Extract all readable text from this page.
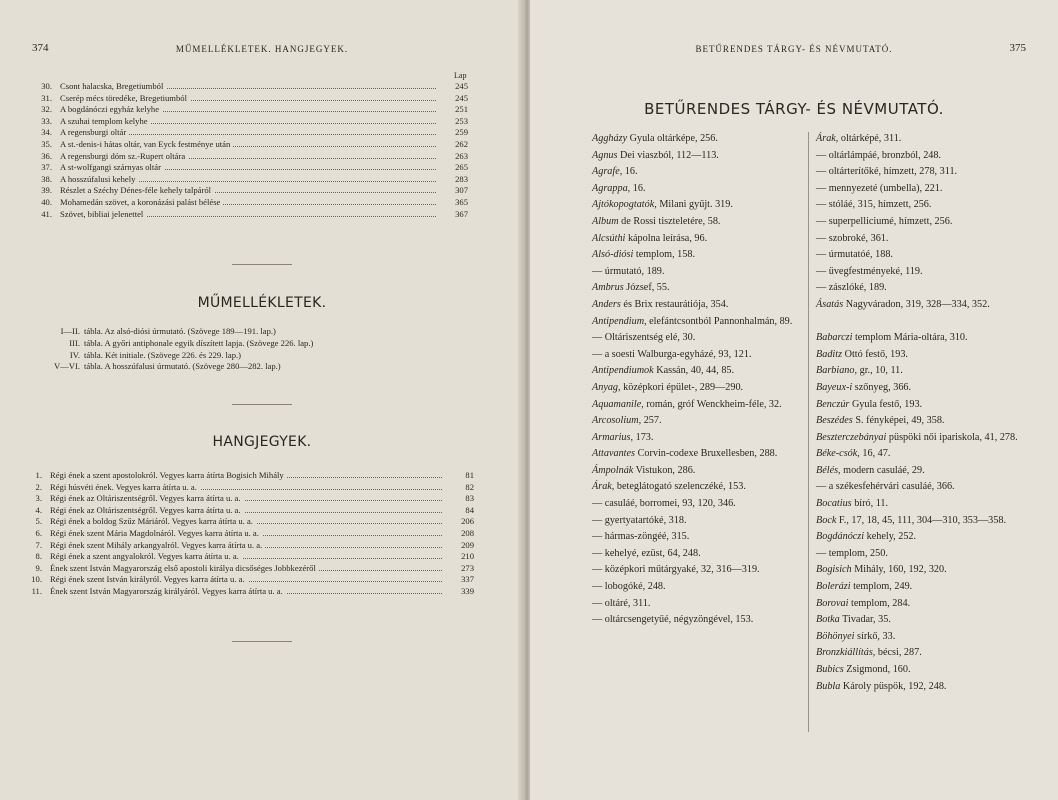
374	MŰMELLÉKLETEK. HANGJEGYEK.
Lap
30. Csont halacska, Bregetiumból	245
31. Cserép mécs töredéke, Bregetiumból	245
32. A bogdánóczi egyház kelyhe	251
33. A szuhai templom kelyhe	253
34. A regensburgi oltár	259
35. A st.-denis-i hátas oltár, van Eyck festménye után	262
36. A regensburgi dóm sz.-Rupert oltára	263
37. A st-wolfgangi szárnyas oltár	265
38. A hosszúfalusi kehely	283
39. Részlet a Széchy Dénes-féle kehely talpáról	307
40. Mohamedán szövet, a koronázási palást bélése	365
41. Szövet, bibliai jelenettel	367
MŰMELLÉKLETEK.
I—II. tábla. Az alsó-diósi úrmutató. (Szövege 189—191. lap.)
III. tábla. A győri antiphonale egyik díszített lapja. (Szövege 226. lap.)
IV. tábla. Két initiale. (Szövege 226. és 229. lap.)
V—VI. tábla. A hosszúfalusi úrmutató. (Szövege 280—282. lap.)
HANGJEGYEK.
1. Régi ének a szent apostolokról. Vegyes karra átírta Bogisich Mihály	81
2. Régi húsvéti ének. Vegyes karra átírta u. a.	82
3. Régi ének az Oltáriszentségről. Vegyes karra átírta u. a.	83
4. Régi ének az Oltáriszentségről. Vegyes karra átírta u. a.	84
5. Régi ének a boldog Szűz Máriáról. Vegyes karra átírta u. a.	206
6. Régi ének szent Mária Magdolnáról. Vegyes karra átírta u. a.	208
7. Régi ének szent Mihály arkangyalról. Vegyes karra átírta u. a.	209
8. Régi ének a szent angyalokról. Vegyes karra átírta u. a.	210
9. Ének szent István Magyarország első apostoli királya dicsőséges Jobbkezéről	273
10. Régi ének szent István királyról. Vegyes karra átírta u. a.	337
11. Ének szent István Magyarország királyáról. Vegyes karra átírta u. a.	339
BETŰRENDES TÁRGY- ÉS NÉVMUTATÓ.	375
BETŰRENDES TÁRGY- ÉS NÉVMUTATÓ.
Aggházy Gyula oltárképe, 256.
Agnus Dei viaszból, 112—113.
Agrafe, 16.
Agrappa, 16.
Ajtókopogtatók, Milani gyűjt. 319.
Album de Rossi tiszteletére, 58.
Alcsúthi kápolna leírása, 96.
Alsó-diósi templom, 158.
— úrmutató, 189.
Ambrus József, 55.
Anders és Brix restaurátiója, 354.
Antipendium, elefántcsontból Pannonhalmán, 89.
— Oltáriszentség elé, 30.
— a soesti Walburga-egyházé, 93, 121.
Antipendiumok Kassán, 40, 44, 85.
Anyag, középkori épület-, 289—290.
Aquamanile, román, gróf Wenckheim-féle, 32.
Arcosolium, 257.
Armarius, 173.
Attavantes Corvin-codexe Bruxellesben, 288.
Ámpolnák Vistukon, 286.
Árak, beteglátogató szelenczéké, 153.
— casuláé, borromei, 93, 120, 346.
— gyertyatartóké, 318.
— hármas-zöngéé, 315.
— kehelyé, ezüst, 64, 248.
— középkori műtárgyaké, 32, 316—319.
— lobogóké, 248.
— oltáré, 311.
— oltárcsengetyűé, négyzöngével, 153.
Árak, oltárképé, 311.
— oltárlámpáé, bronzból, 248.
— oltárterítőké, hímzett, 278, 311.
— mennyezeté (umbella), 221.
— stóláé, 315, hímzett, 256.
— superpelliciumé, hímzett, 256.
— szobroké, 361.
— úrmutatóé, 188.
— üvegfestményeké, 119.
— zászlóké, 189.
Ásatás Nagyváradon, 319, 328—334, 352.

Babarczi templom Mária-oltára, 310.
Baditz Ottó festő, 193.
Barbiano, gr., 10, 11.
Bayeux-i szőnyeg, 366.
Benczúr Gyula festő, 193.
Beszédes S. fényképei, 49, 358.
Beszterczebányai püspöki női ipariskola, 41, 278.
Béke-csók, 16, 47.
Bélés, modern casuláé, 29.
— a székesfehérvári casuláé, 366.
Bocatius bíró, 11.
Bock F., 17, 18, 45, 111, 304—310, 353—358.
Bogdánóczi kehely, 252.
— templom, 250.
Bogisich Mihály, 160, 192, 320.
Bolerázi templom, 249.
Borovai templom, 284.
Botka Tivadar, 35.
Böhönyei sírkő, 33.
Bronzkiállítás, bécsi, 287.
Bubics Zsigmond, 160.
Bubla Károly püspök, 192, 248.
